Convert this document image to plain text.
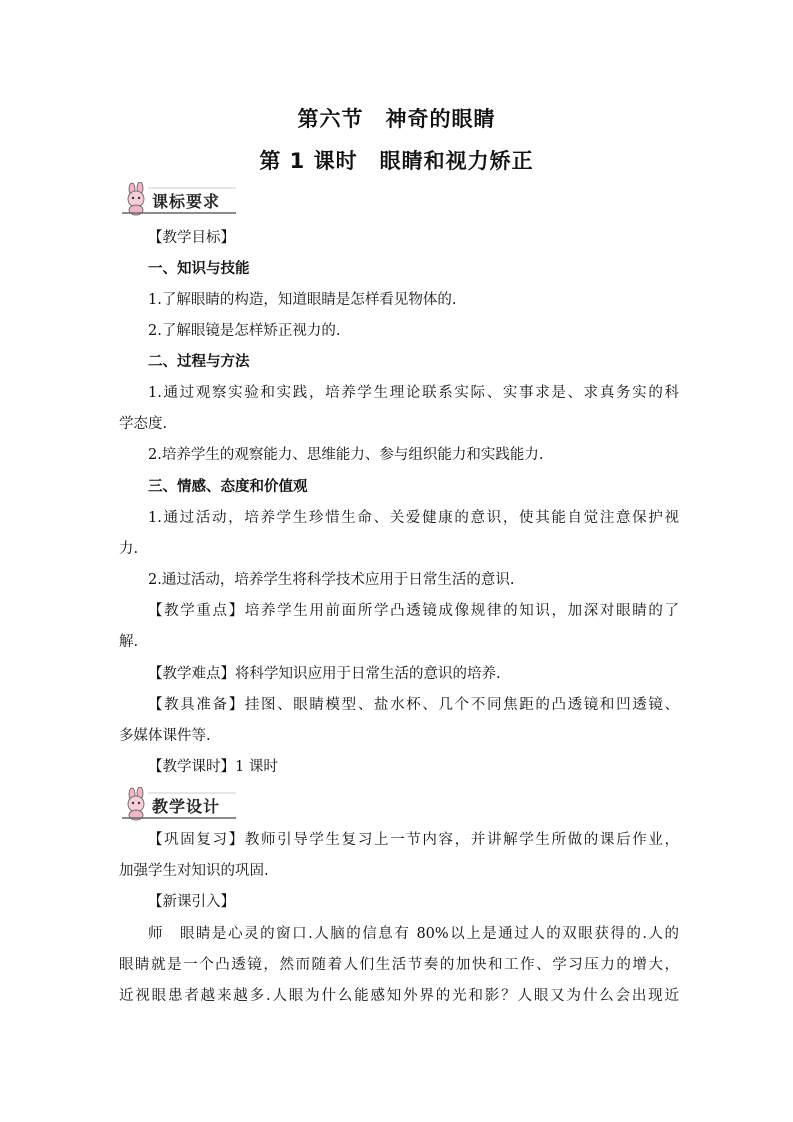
第六节　神奇的眼睛
第 1 课时　眼睛和视力矫正
课标要求
【教学目标】
一、知识与技能
1.了解眼睛的构造，知道眼睛是怎样看见物体的.
2.了解眼镜是怎样矫正视力的.
二、过程与方法
1.通过观察实验和实践，培养学生理论联系实际、实事求是、求真务实的科
学态度.
2.培养学生的观察能力、思维能力、参与组织能力和实践能力.
三、情感、态度和价值观
1.通过活动，培养学生珍惜生命、关爱健康的意识，使其能自觉注意保护视
力.
2.通过活动，培养学生将科学技术应用于日常生活的意识.
【教学重点】培养学生用前面所学凸透镜成像规律的知识，加深对眼睛的了
解.
【教学难点】将科学知识应用于日常生活的意识的培养.
【教具准备】挂图、眼睛模型、盐水杯、几个不同焦距的凸透镜和凹透镜、
多媒体课件等.
【教学课时】1 课时
教学设计
【巩固复习】教师引导学生复习上一节内容，并讲解学生所做的课后作业，
加强学生对知识的巩固.
【新课引入】
师　眼睛是心灵的窗口.人脑的信息有 80%以上是通过人的双眼获得的.人的
眼睛就是一个凸透镜，然而随着人们生活节奏的加快和工作、学习压力的增大，
近视眼患者越来越多.人眼为什么能感知外界的光和影？人眼又为什么会出现近
